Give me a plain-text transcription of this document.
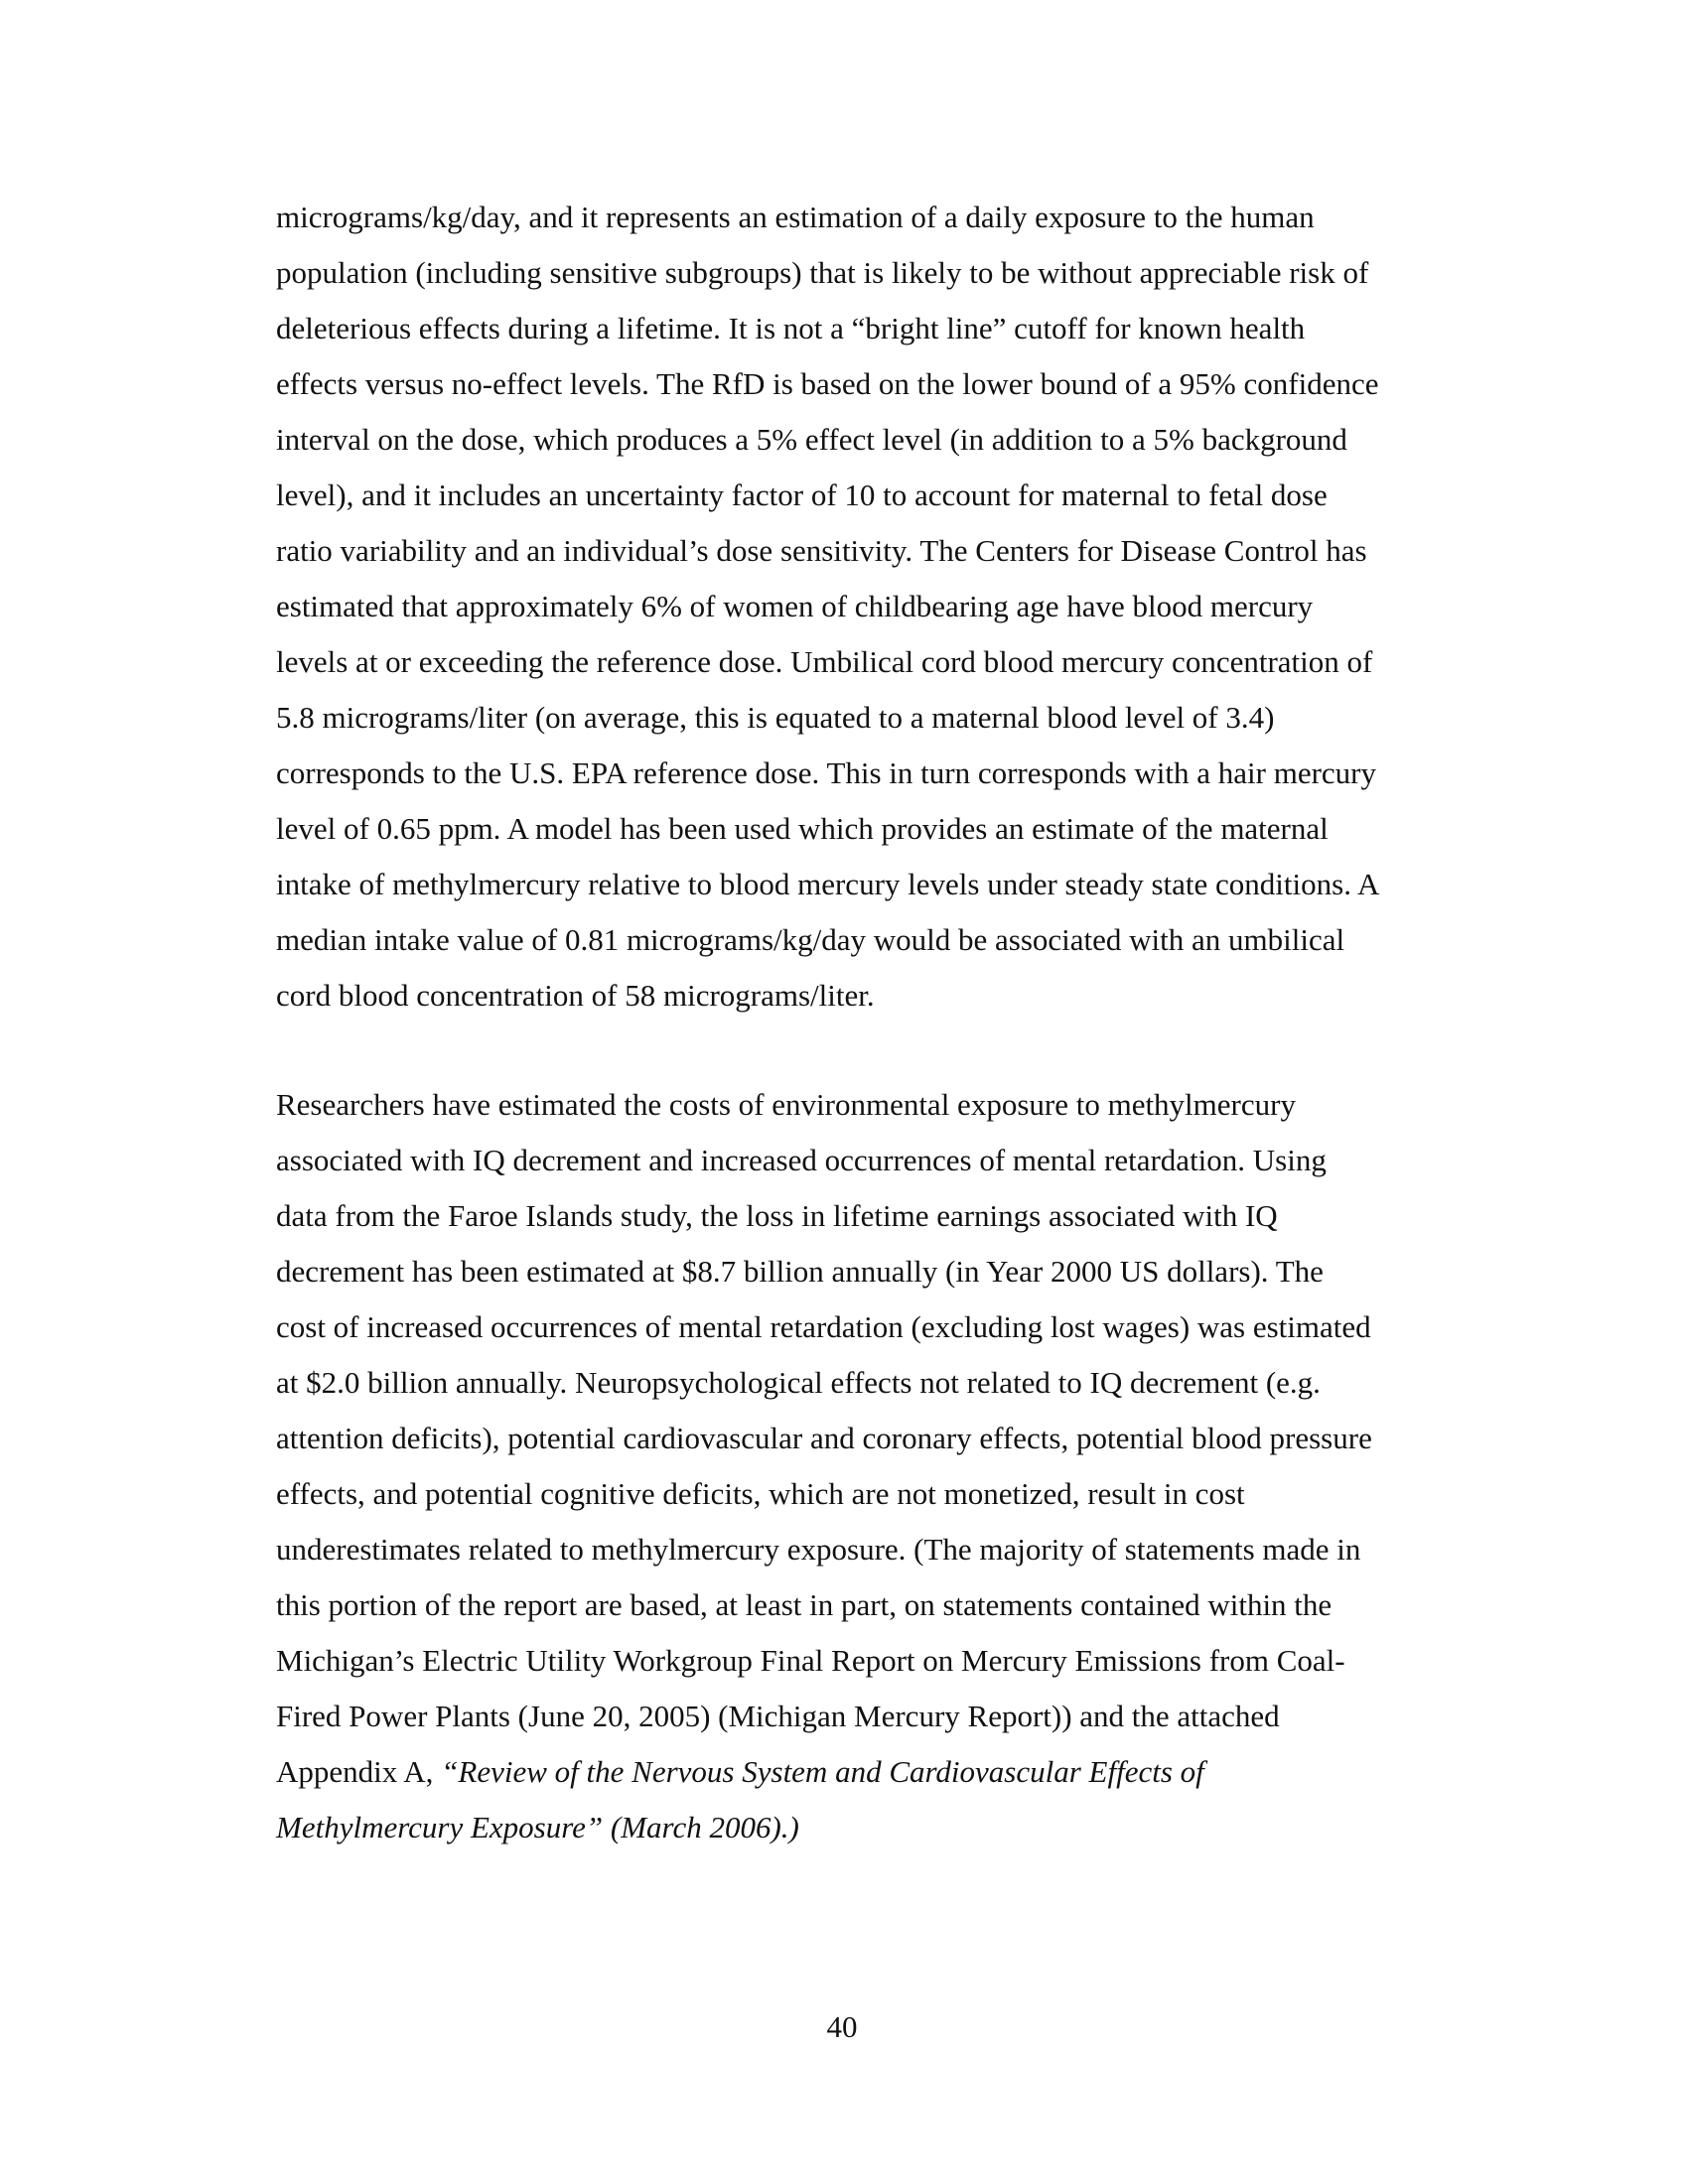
micrograms/kg/day, and it represents an estimation of a daily exposure to the human
population (including sensitive subgroups) that is likely to be without appreciable risk of
deleterious effects during a lifetime. It is not a “bright line” cutoff for known health
effects versus no-effect levels. The RfD is based on the lower bound of a 95% confidence
interval on the dose, which produces a 5% effect level (in addition to a 5% background
level), and it includes an uncertainty factor of 10 to account for maternal to fetal dose
ratio variability and an individual’s dose sensitivity. The Centers for Disease Control has
estimated that approximately 6% of women of childbearing age have blood mercury
levels at or exceeding the reference dose. Umbilical cord blood mercury concentration of
5.8 micrograms/liter (on average, this is equated to a maternal blood level of 3.4)
corresponds to the U.S. EPA reference dose. This in turn corresponds with a hair mercury
level of 0.65 ppm. A model has been used which provides an estimate of the maternal
intake of methylmercury relative to blood mercury levels under steady state conditions. A
median intake value of 0.81 micrograms/kg/day would be associated with an umbilical
cord blood concentration of 58 micrograms/liter.
Researchers have estimated the costs of environmental exposure to methylmercury
associated with IQ decrement and increased occurrences of mental retardation. Using
data from the Faroe Islands study, the loss in lifetime earnings associated with IQ
decrement has been estimated at $8.7 billion annually (in Year 2000 US dollars). The
cost of increased occurrences of mental retardation (excluding lost wages) was estimated
at $2.0 billion annually. Neuropsychological effects not related to IQ decrement (e.g.
attention deficits), potential cardiovascular and coronary effects, potential blood pressure
effects, and potential cognitive deficits, which are not monetized, result in cost
underestimates related to methylmercury exposure. (The majority of statements made in
this portion of the report are based, at least in part, on statements contained within the
Michigan’s Electric Utility Workgroup Final Report on Mercury Emissions from Coal-
Fired Power Plants (June 20, 2005) (Michigan Mercury Report)) and the attached
Appendix A, “Review of the Nervous System and Cardiovascular Effects of
Methylmercury Exposure” (March 2006).)
40
